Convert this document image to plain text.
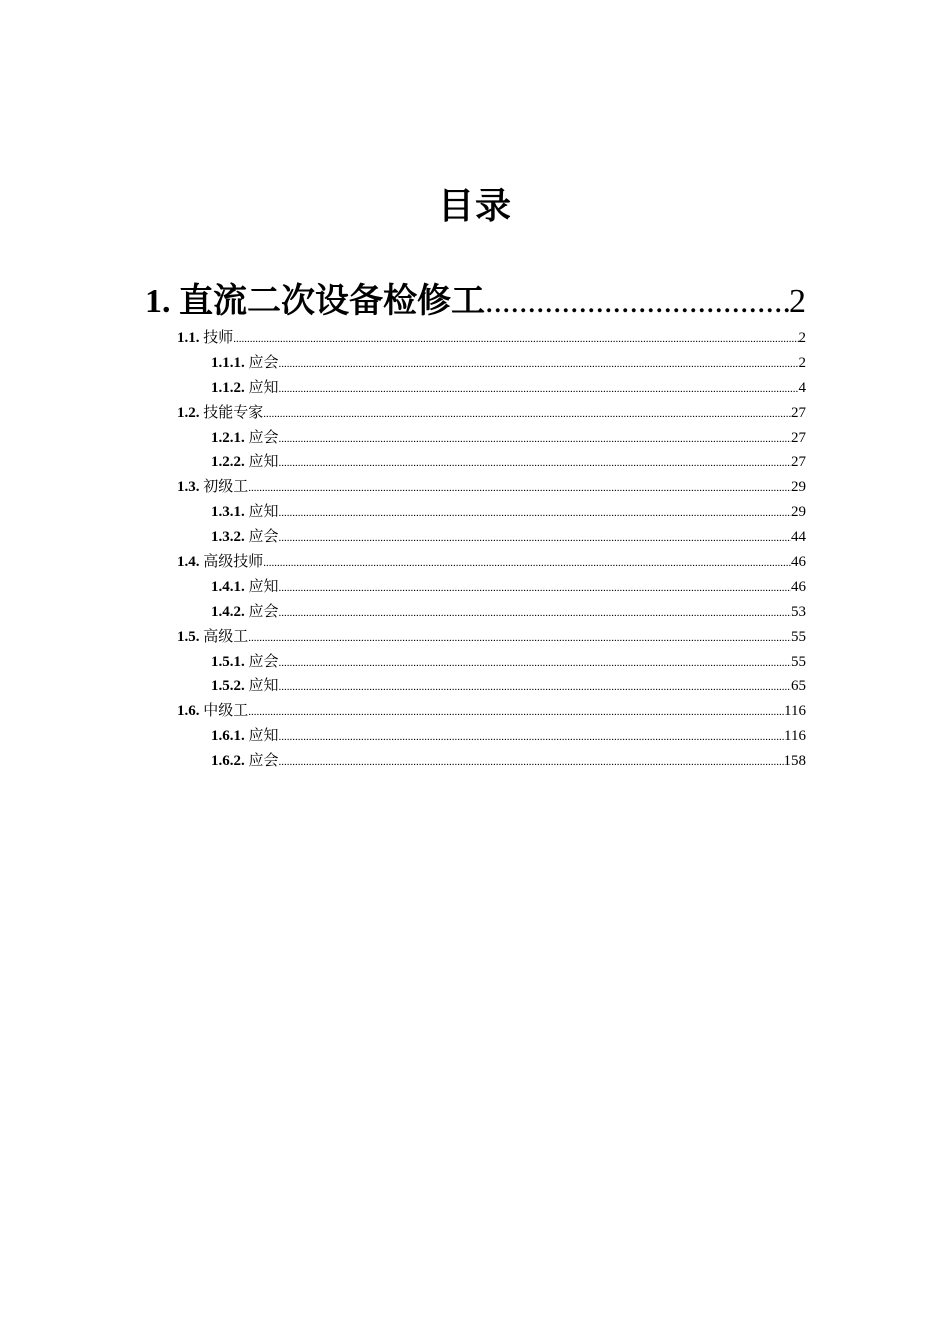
目录
1. 直流二次设备检修工 .....	2
1.1. 技师 .....	2
1.1.1. 应会 .....	2
1.1.2. 应知 .....	4
1.2. 技能专家 .....	27
1.2.1. 应会 .....	27
1.2.2. 应知 .....	27
1.3. 初级工 .....	29
1.3.1. 应知 .....	29
1.3.2. 应会 .....	44
1.4. 高级技师 .....	46
1.4.1. 应知 .....	46
1.4.2. 应会 .....	53
1.5. 高级工 .....	55
1.5.1. 应会 .....	55
1.5.2. 应知 .....	65
1.6. 中级工 .....	116
1.6.1. 应知 .....	116
1.6.2. 应会 .....	158
